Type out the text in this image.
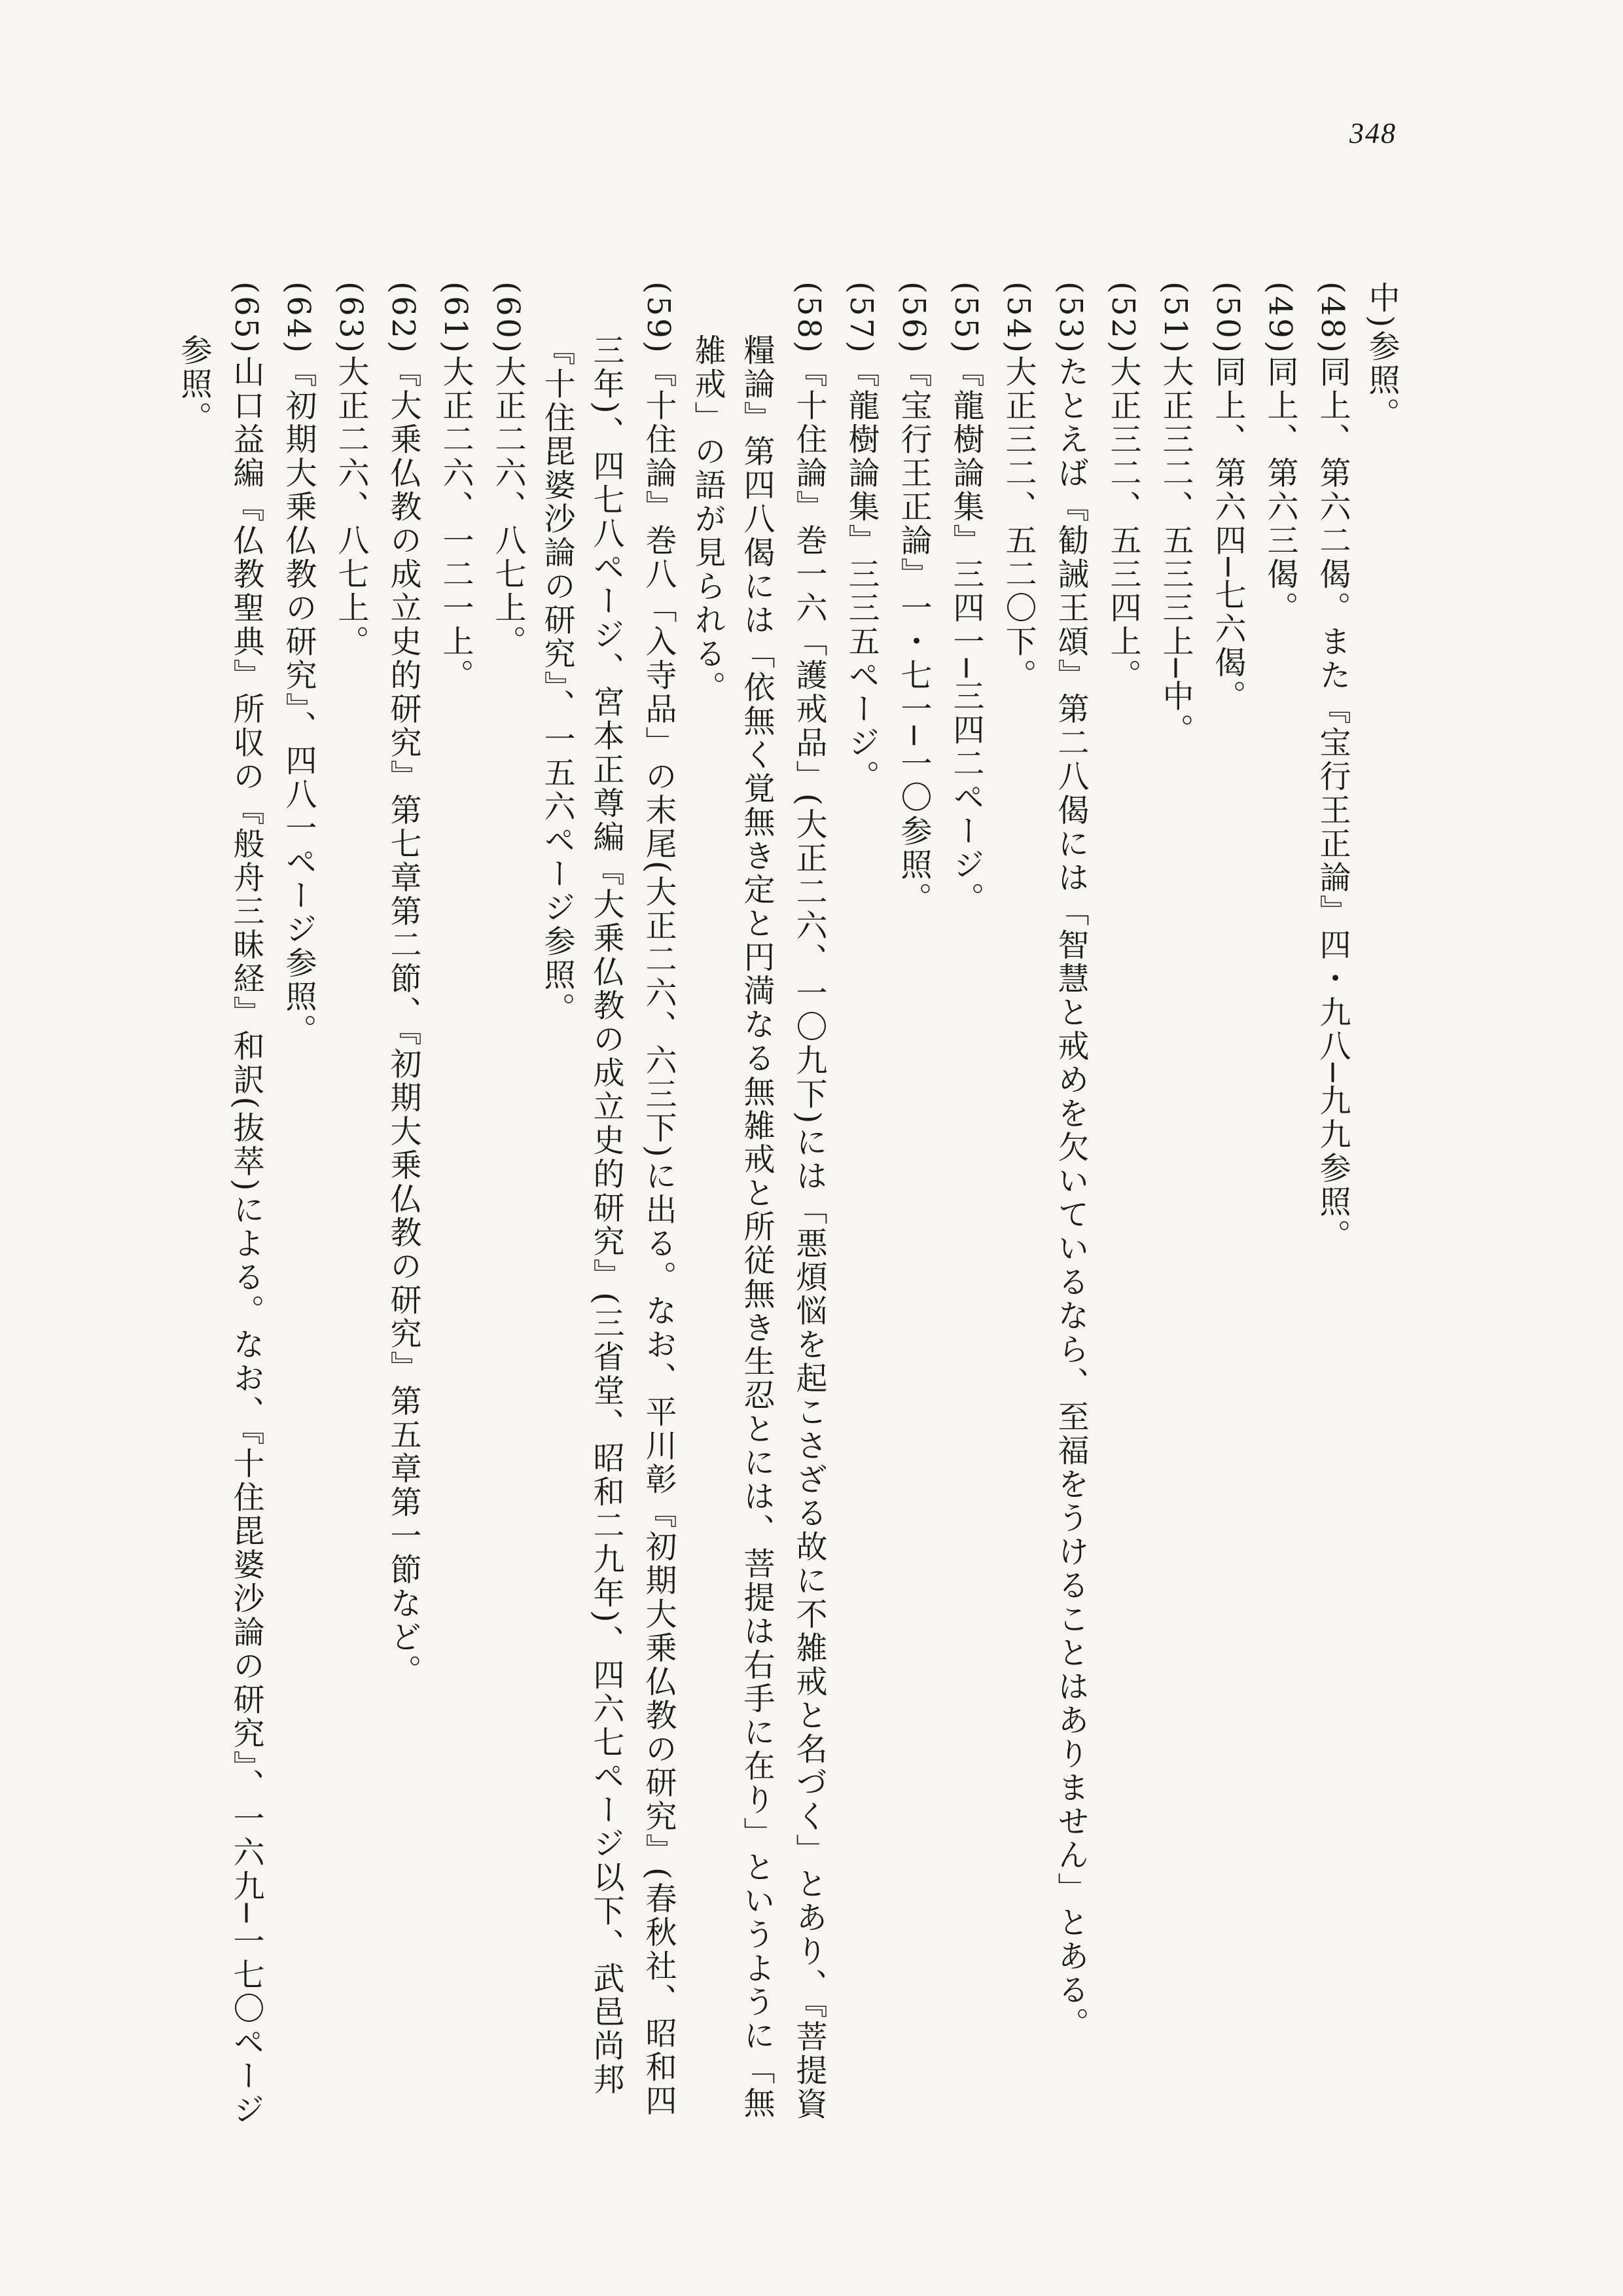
348

中)参照。

(48)同上、第六二偈。また『宝行王正論』四・九八─九九参照。

(49)同上、第六三偈。

(50)同上、第六四─七六偈。

(51)大正三二、五三三上─中。

(52)大正三二、五三四上。

(53)たとえば『勧誡王頌』第二八偈には「智慧と戒めを欠いているなら、至福をうけることはありません」とある。

(54)大正三二、五二〇下。

(55)『龍樹論集』三四一─三四二ページ。

(56)『宝行王正論』一・七一─一〇参照。

(57)『龍樹論集』三三五ページ。

(58)『十住論』巻一六「護戒品」(大正二六、一〇九下)には「悪煩悩を起こさざる故に不雑戒と名づく」とあり、『菩提資糧論』第四八偈には「依無く覚無き定と円満なる無雑戒と所従無き生忍とには、菩提は右手に在り」というように「無雑戒」の語が見られる。

(59)『十住論』巻八「入寺品」の末尾(大正二六、六三下)に出る。なお、平川彰『初期大乗仏教の研究』(春秋社、昭和四三年)、四七八ページ、宮本正尊編『大乗仏教の成立史的研究』(三省堂、昭和二九年)、四六七ページ以下、武邑尚邦『十住毘婆沙論の研究』、一五六ページ参照。

(60)大正二六、八七上。

(61)大正二六、一二一上。

(62)『大乗仏教の成立史的研究』第七章第二節、『初期大乗仏教の研究』第五章第一節など。

(63)大正二六、八七上。

(64)『初期大乗仏教の研究』、四八一ページ参照。

(65)山口益編『仏教聖典』所収の『般舟三昧経』和訳(抜萃)による。なお、『十住毘婆沙論の研究』、一六九─一七〇ページ参照。
